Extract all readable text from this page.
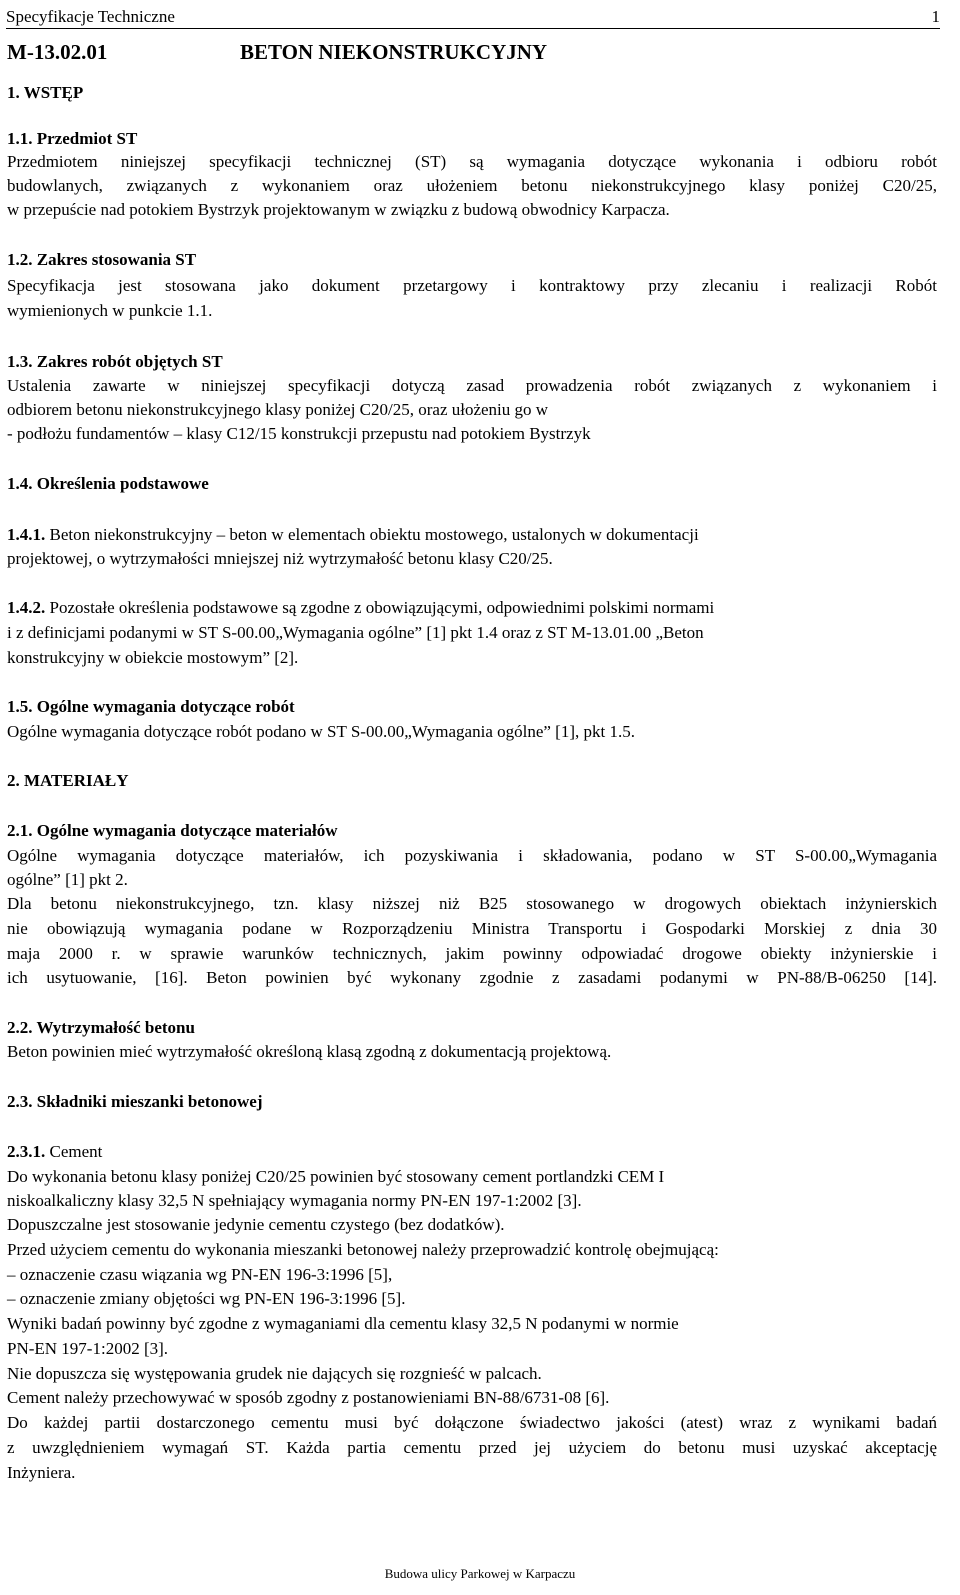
Specyfikacje Techniczne	1
M-13.02.01	BETON NIEKONSTRUKCYJNY
1. WSTĘP
1.1. Przedmiot ST
Przedmiotem niniejszej specyfikacji technicznej (ST) są wymagania dotyczące wykonania i odbioru robót
budowlanych, związanych z wykonaniem oraz ułożeniem betonu niekonstrukcyjnego klasy poniżej C20/25,
w przepuście nad potokiem Bystrzyk projektowanym w związku z budową obwodnicy Karpacza.
1.2. Zakres stosowania ST
Specyfikacja jest stosowana jako dokument przetargowy i kontraktowy przy zlecaniu i realizacji Robót
wymienionych w punkcie 1.1.
1.3. Zakres robót objętych ST
Ustalenia zawarte w niniejszej specyfikacji dotyczą zasad prowadzenia robót związanych z wykonaniem i
odbiorem betonu niekonstrukcyjnego klasy poniżej C20/25, oraz ułożeniu go w
- podłożu fundamentów – klasy C12/15 konstrukcji przepustu nad potokiem Bystrzyk
1.4. Określenia podstawowe
1.4.1. Beton niekonstrukcyjny – beton w elementach obiektu mostowego, ustalonych w dokumentacji
projektowej, o wytrzymałości mniejszej niż wytrzymałość betonu klasy C20/25.
1.4.2. Pozostałe określenia podstawowe są zgodne z obowiązującymi, odpowiednimi polskimi normami
i z definicjami podanymi w ST S-00.00„Wymagania ogólne” [1] pkt 1.4 oraz z ST M-13.01.00 „Beton
konstrukcyjny w obiekcie mostowym” [2].
1.5. Ogólne wymagania dotyczące robót
Ogólne wymagania dotyczące robót podano w ST S-00.00„Wymagania ogólne” [1], pkt 1.5.
2. MATERIAŁY
2.1. Ogólne wymagania dotyczące materiałów
Ogólne wymagania dotyczące materiałów, ich pozyskiwania i składowania, podano w ST S-00.00„Wymagania
ogólne” [1] pkt 2.
Dla betonu niekonstrukcyjnego, tzn. klasy niższej niż B25 stosowanego w drogowych obiektach inżynierskich
nie obowiązują wymagania podane w Rozporządzeniu Ministra Transportu i Gospodarki Morskiej z dnia 30
maja 2000 r. w sprawie warunków technicznych, jakim powinny odpowiadać drogowe obiekty inżynierskie i
ich usytuowanie, [16]. Beton powinien być wykonany zgodnie z zasadami podanymi w PN-88/B-06250 [14].
2.2. Wytrzymałość betonu
Beton powinien mieć wytrzymałość określoną klasą zgodną z dokumentacją projektową.
2.3. Składniki mieszanki betonowej
2.3.1. Cement
Do wykonania betonu klasy poniżej C20/25 powinien być stosowany cement portlandzki CEM I
niskoalkaliczny klasy 32,5 N spełniający wymagania normy PN-EN 197-1:2002 [3].
Dopuszczalne jest stosowanie jedynie cementu czystego (bez dodatków).
Przed użyciem cementu do wykonania mieszanki betonowej należy przeprowadzić kontrolę obejmującą:
– oznaczenie czasu wiązania wg PN-EN 196-3:1996 [5],
– oznaczenie zmiany objętości wg PN-EN 196-3:1996 [5].
Wyniki badań powinny być zgodne z wymaganiami dla cementu klasy 32,5 N podanymi w normie
PN-EN 197-1:2002 [3].
Nie dopuszcza się występowania grudek nie dających się rozgnieść w palcach.
Cement należy przechowywać w sposób zgodny z postanowieniami BN-88/6731-08 [6].
Do każdej partii dostarczonego cementu musi być dołączone świadectwo jakości (atest) wraz z wynikami badań
z uwzględnieniem wymagań ST. Każda partia cementu przed jej użyciem do betonu musi uzyskać akceptację
Inżyniera.
Budowa ulicy Parkowej w Karpaczu
